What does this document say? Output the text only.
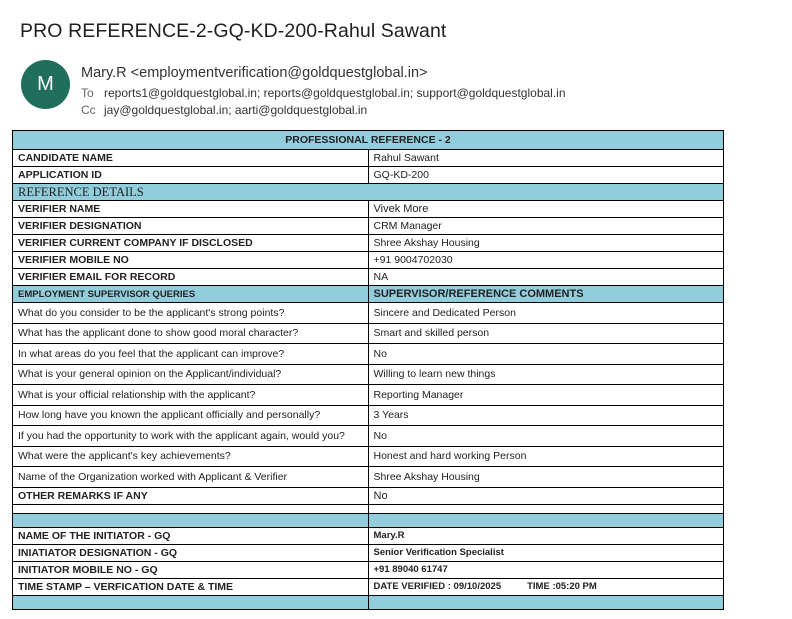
PRO REFERENCE-2-GQ-KD-200-Rahul Sawant
M	Mary.R <employmentverification@goldquestglobal.in>
To reports1@goldquestglobal.in; reports@goldquestglobal.in; support@goldquestglobal.in
Cc jay@goldquestglobal.in; aarti@goldquestglobal.in
PROFESSIONAL REFERENCE - 2	
CANDIDATE NAME	Rahul Sawant
APPLICATION ID	GQ-KD-200
REFERENCE DETAILS	
VERIFIER NAME	Vivek More
VERIFIER DESIGNATION	CRM Manager
VERIFIER CURRENT COMPANY IF DISCLOSED	Shree Akshay Housing
VERIFIER MOBILE NO	+91 9004702030
VERIFIER EMAIL FOR RECORD	NA
EMPLOYMENT SUPERVISOR QUERIES	SUPERVISOR/REFERENCE COMMENTS
What do you consider to be the applicant's strong points?	Sincere and Dedicated Person
What has the applicant done to show good moral character?	Smart and skilled person
In what areas do you feel that the applicant can improve?	No
What is your general opinion on the Applicant/individual?	Willing to learn new things
What is your official relationship with the applicant?	Reporting Manager
How long have you known the applicant officially and personally?	3 Years
If you had the opportunity to work with the applicant again, would you?	No
What were the applicant's key achievements?	Honest and hard working Person
Name of the Organization worked with Applicant & Verifier	Shree Akshay Housing
OTHER REMARKS IF ANY	No

NAME OF THE INITIATOR - GQ	Mary.R
INIATIATOR DESIGNATION - GQ	Senior Verification Specialist
INITIATOR MOBILE NO - GQ	+91 89040 61747
TIME STAMP – VERFICATION DATE & TIME	DATE VERIFIED : 09/10/2025 TIME :05:20 PM
